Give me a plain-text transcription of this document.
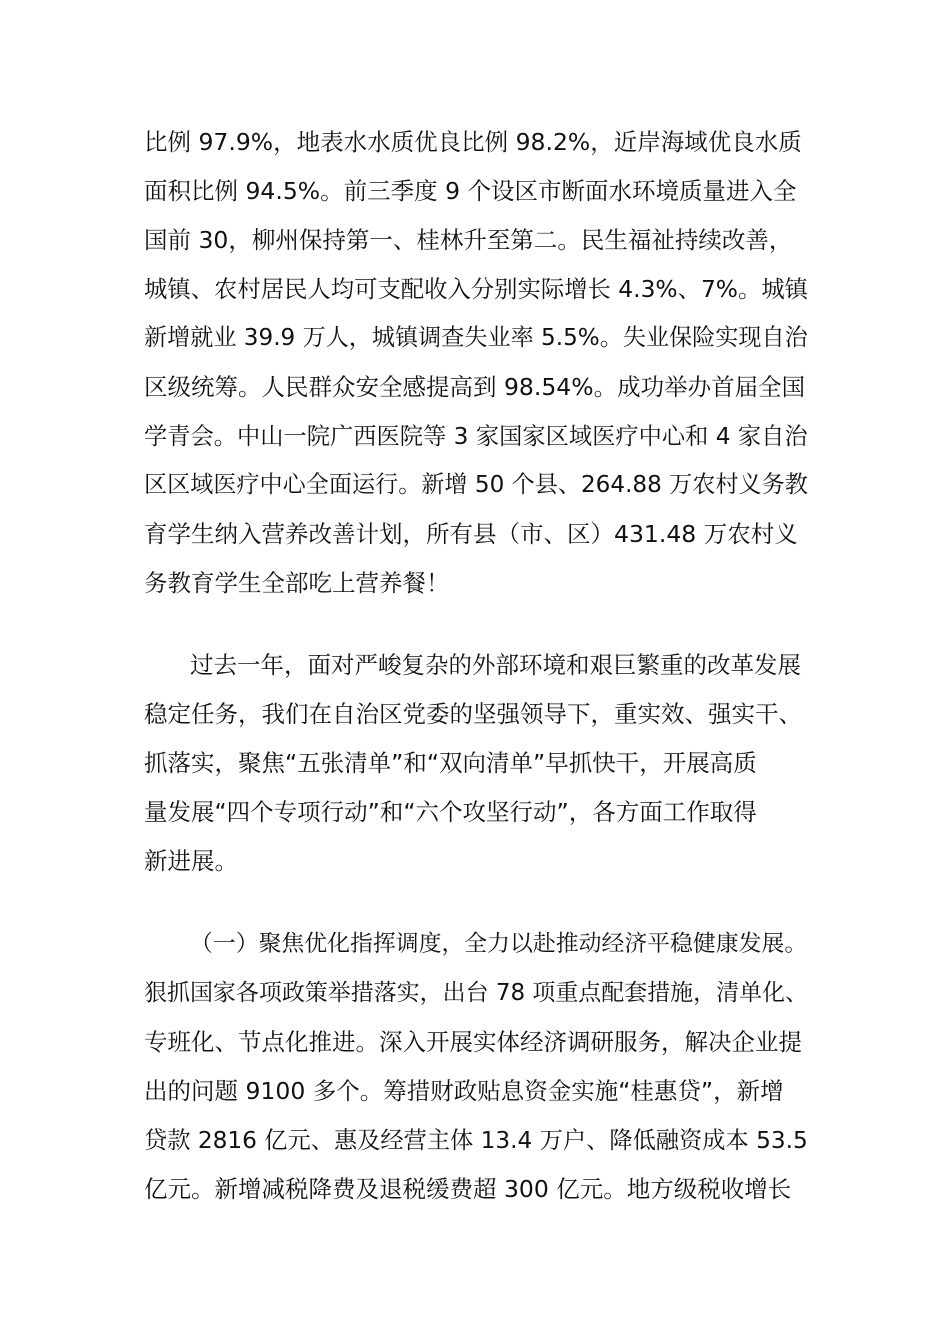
比例 97.9%，地表水水质优良比例 98.2%，近岸海域优良水质
面积比例 94.5%。前三季度 9 个设区市断面水环境质量进入全
国前 30，柳州保持第一、桂林升至第二。民生福祉持续改善，
城镇、农村居民人均可支配收入分别实际增长 4.3%、7%。城镇
新增就业 39.9 万人，城镇调查失业率 5.5%。失业保险实现自治
区级统筹。人民群众安全感提高到 98.54%。成功举办首届全国
学青会。中山一院广西医院等 3 家国家区域医疗中心和 4 家自治
区区域医疗中心全面运行。新增 50 个县、264.88 万农村义务教
育学生纳入营养改善计划，所有县（市、区）431.48 万农村义
务教育学生全部吃上营养餐！
过去一年，面对严峻复杂的外部环境和艰巨繁重的改革发展
稳定任务，我们在自治区党委的坚强领导下，重实效、强实干、
抓落实，聚焦“五张清单”和“双向清单”早抓快干，开展高质
量发展“四个专项行动”和“六个攻坚行动”，各方面工作取得
新进展。
（一）聚焦优化指挥调度，全力以赴推动经济平稳健康发展。
狠抓国家各项政策举措落实，出台 78 项重点配套措施，清单化、
专班化、节点化推进。深入开展实体经济调研服务，解决企业提
出的问题 9100 多个。筹措财政贴息资金实施“桂惠贷”，新增
贷款 2816 亿元、惠及经营主体 13.4 万户、降低融资成本 53.5
亿元。新增减税降费及退税缓费超 300 亿元。地方级税收增长
